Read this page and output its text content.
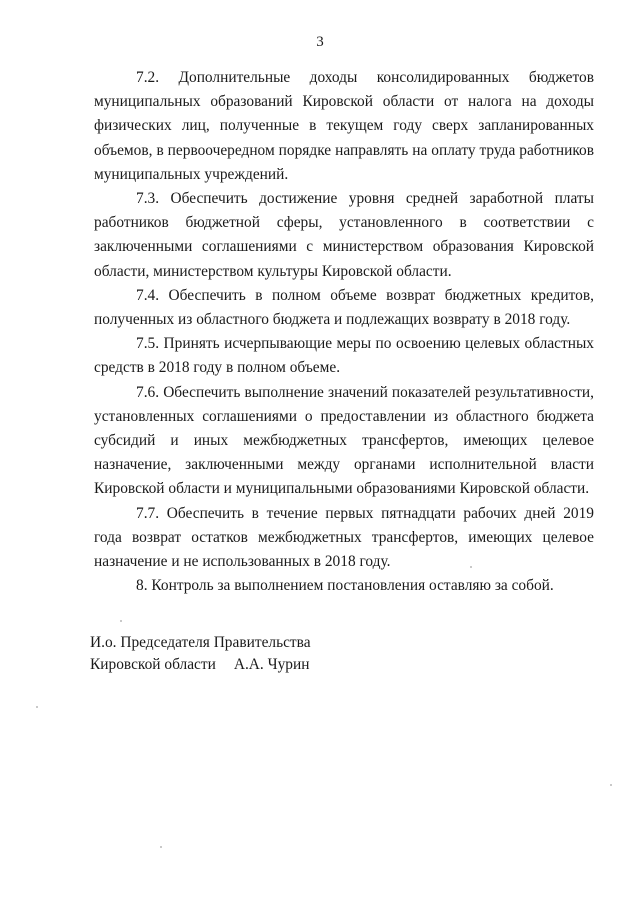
3

7.2. Дополнительные доходы консолидированных бюджетов муниципальных образований Кировской области от налога на доходы физических лиц, полученные в текущем году сверх запланированных объемов, в первоочередном порядке направлять на оплату труда работников муниципальных учреждений.

7.3. Обеспечить достижение уровня средней заработной платы работников бюджетной сферы, установленного в соответствии с заключенными соглашениями с министерством образования Кировской области, министерством культуры Кировской области.

7.4. Обеспечить в полном объеме возврат бюджетных кредитов, полученных из областного бюджета и подлежащих возврату в 2018 году.

7.5. Принять исчерпывающие меры по освоению целевых областных средств в 2018 году в полном объеме.

7.6. Обеспечить выполнение значений показателей результативности, установленных соглашениями о предоставлении из областного бюджета субсидий и иных межбюджетных трансфертов, имеющих целевое назначение, заключенными между органами исполнительной власти Кировской области и муниципальными образованиями Кировской области.

7.7. Обеспечить в течение первых пятнадцати рабочих дней 2019 года возврат остатков межбюджетных трансфертов, имеющих целевое назначение и не использованных в 2018 году.

8. Контроль за выполнением постановления оставляю за собой.

И.о. Председателя Правительства
Кировской области А.А. Чурин
